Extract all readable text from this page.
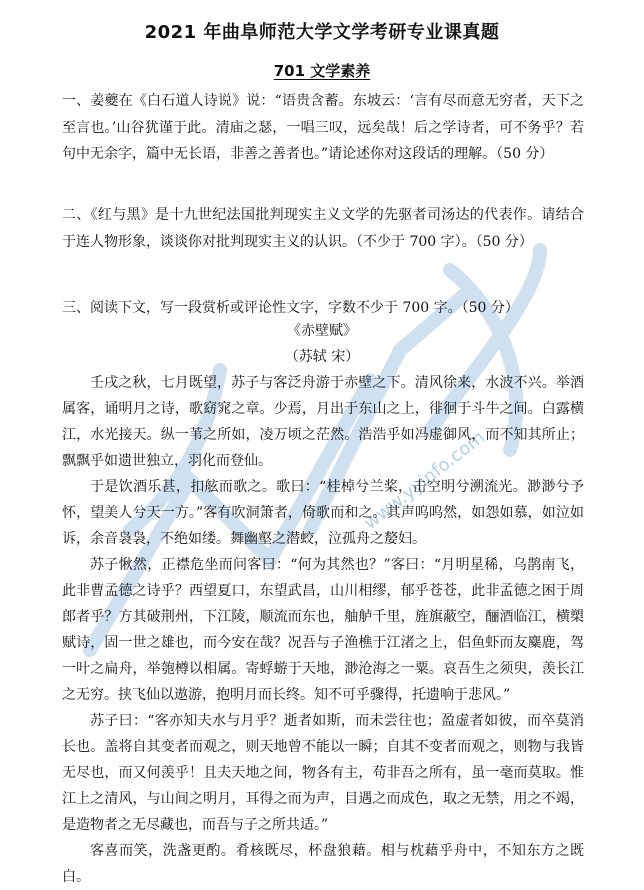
www.yyinfo.com
2021 年曲阜师范大学文学考研专业课真题
701 文学素养

一、姜夔在《白石道人诗说》说：“语贵含蓄。东坡云：‘言有尽而意无穷者，天下之至言也。’山谷犹谨于此。清庙之瑟，一唱三叹，远矣哉！后之学诗者，可不务乎？若句中无余字，篇中无长语，非善之善者也。”请论述你对这段话的理解。（50 分）

二、《红与黑》是十九世纪法国批判现实主义文学的先驱者司汤达的代表作。请结合于连人物形象，谈谈你对批判现实主义的认识。（不少于 700 字）。（50 分）

三、阅读下文，写一段赏析或评论性文字，字数不少于 700 字。（50 分）

《赤壁赋》
（苏轼 宋）

壬戌之秋，七月既望，苏子与客泛舟游于赤壁之下。清风徐来，水波不兴。举酒属客，诵明月之诗，歌窈窕之章。少焉，月出于东山之上，徘徊于斗牛之间。白露横江，水光接天。纵一苇之所如，凌万顷之茫然。浩浩乎如冯虚御风，而不知其所止；飘飘乎如遗世独立，羽化而登仙。

于是饮酒乐甚，扣舷而歌之。歌曰：“桂棹兮兰桨，击空明兮溯流光。渺渺兮予怀，望美人兮天一方。”客有吹洞箫者，倚歌而和之。其声呜呜然，如怨如慕，如泣如诉，余音袅袅，不绝如缕。舞幽壑之潜蛟，泣孤舟之嫠妇。

苏子愀然，正襟危坐而问客曰：“何为其然也？”客曰：“月明星稀，乌鹊南飞，此非曹孟德之诗乎？西望夏口，东望武昌，山川相缪，郁乎苍苍，此非孟德之困于周郎者乎？方其破荆州，下江陵，顺流而东也，舳舻千里，旌旗蔽空，酾酒临江，横槊赋诗，固一世之雄也，而今安在哉？况吾与子渔樵于江渚之上，侣鱼虾而友麋鹿，驾一叶之扁舟，举匏樽以相属。寄蜉蝣于天地，渺沧海之一粟。哀吾生之须臾，羡长江之无穷。挟飞仙以遨游，抱明月而长终。知不可乎骤得，托遗响于悲风。”

苏子曰：“客亦知夫水与月乎？逝者如斯，而未尝往也；盈虚者如彼，而卒莫消长也。盖将自其变者而观之，则天地曾不能以一瞬；自其不变者而观之，则物与我皆无尽也，而又何羡乎！且夫天地之间，物各有主，苟非吾之所有，虽一毫而莫取。惟江上之清风，与山间之明月，耳得之而为声，目遇之而成色，取之无禁，用之不竭，是造物者之无尽藏也，而吾与子之所共适。”

客喜而笑，洗盏更酌。肴核既尽，杯盘狼藉。相与枕藉乎舟中，不知东方之既白。
